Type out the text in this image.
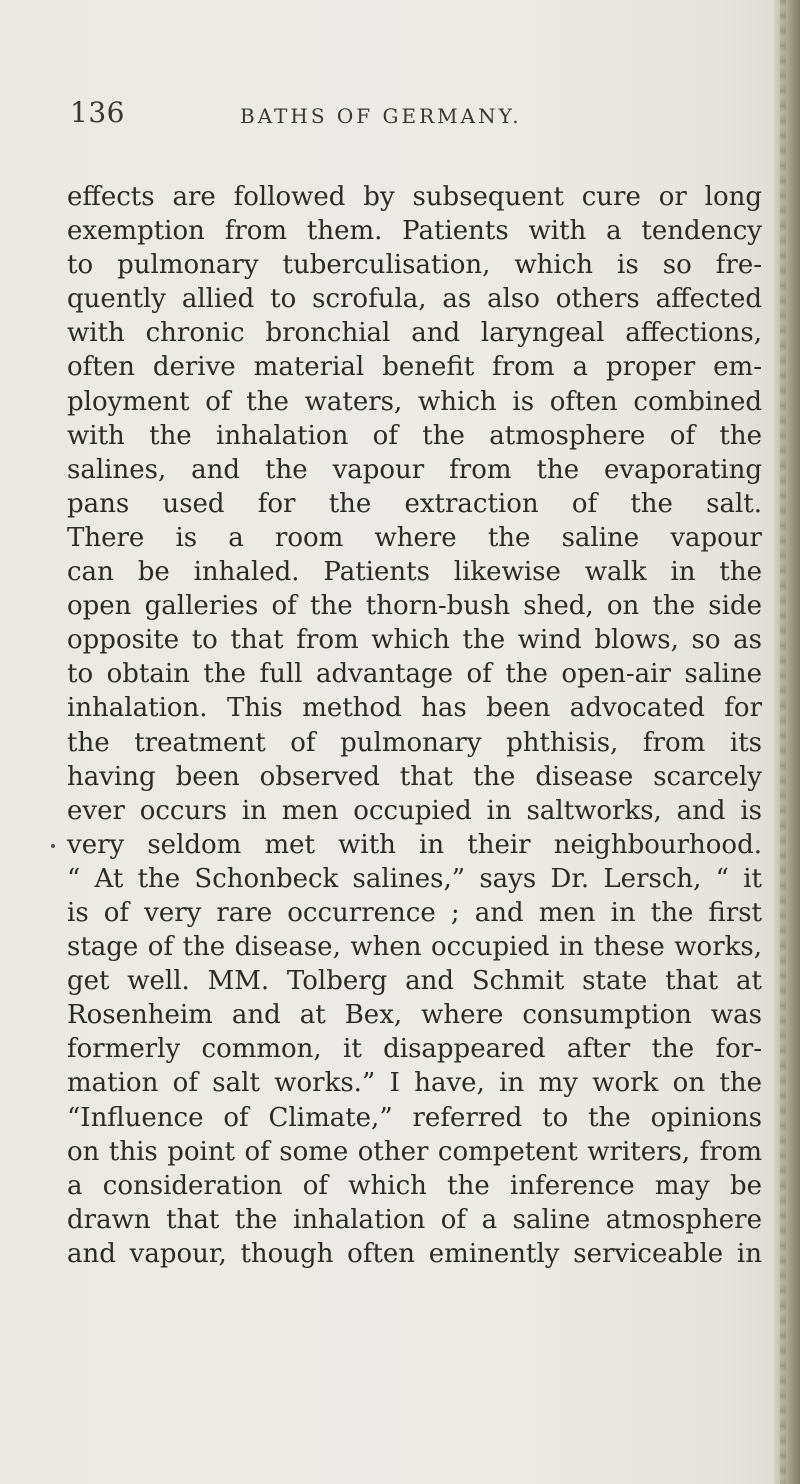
136	BATHS OF GERMANY.
effects are followed by subsequent cure or long
exemption from them. Patients with a tendency
to pulmonary tuberculisation, which is so fre-
quently allied to scrofula, as also others affected
with chronic bronchial and laryngeal affections,
often derive material benefit from a proper em-
ployment of the waters, which is often combined
with the inhalation of the atmosphere of the
salines, and the vapour from the evaporating
pans used for the extraction of the salt.
There is a room where the saline vapour
can be inhaled. Patients likewise walk in the
open galleries of the thorn-bush shed, on the side
opposite to that from which the wind blows, so as
to obtain the full advantage of the open-air saline
inhalation. This method has been advocated for
the treatment of pulmonary phthisis, from its
having been observed that the disease scarcely
ever occurs in men occupied in saltworks, and is
very seldom met with in their neighbourhood.
“ At the Schonbeck salines,” says Dr. Lersch, “ it
is of very rare occurrence ; and men in the first
stage of the disease, when occupied in these works,
get well. MM. Tolberg and Schmit state that at
Rosenheim and at Bex, where consumption was
formerly common, it disappeared after the for-
mation of salt works.” I have, in my work on the
“Influence of Climate,” referred to the opinions
on this point of some other competent writers, from
a consideration of which the inference may be
drawn that the inhalation of a saline atmosphere
and vapour, though often eminently serviceable in
